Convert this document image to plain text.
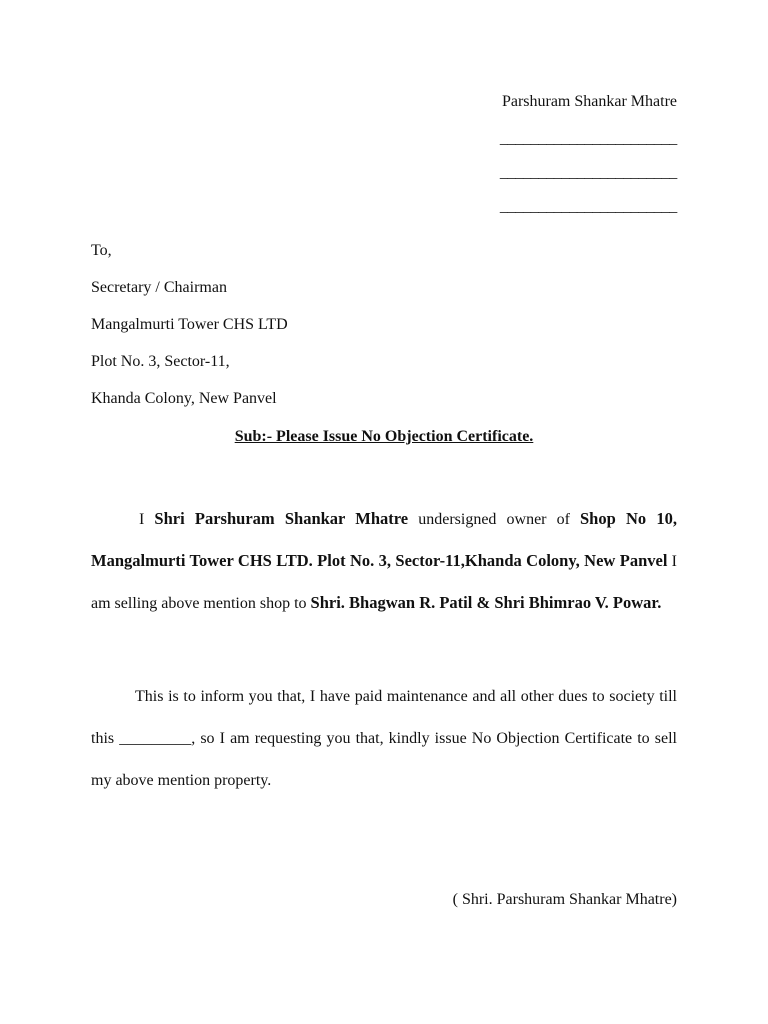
Parshuram Shankar Mhatre
_______________________
_______________________
_______________________
To,
Secretary / Chairman
Mangalmurti Tower CHS LTD
Plot No. 3, Sector-11,
Khanda Colony, New Panvel
Sub:- Please Issue No Objection Certificate.

I Shri Parshuram Shankar Mhatre undersigned owner of Shop No 10, Mangalmurti Tower CHS LTD. Plot No. 3, Sector-11,Khanda Colony, New Panvel I am selling above mention shop to Shri. Bhagwan R. Patil & Shri Bhimrao V. Powar.

This is to inform you that, I have paid maintenance and all other dues to society till this _________, so I am requesting you that, kindly issue No Objection Certificate to sell my above mention property.

( Shri. Parshuram Shankar Mhatre)
